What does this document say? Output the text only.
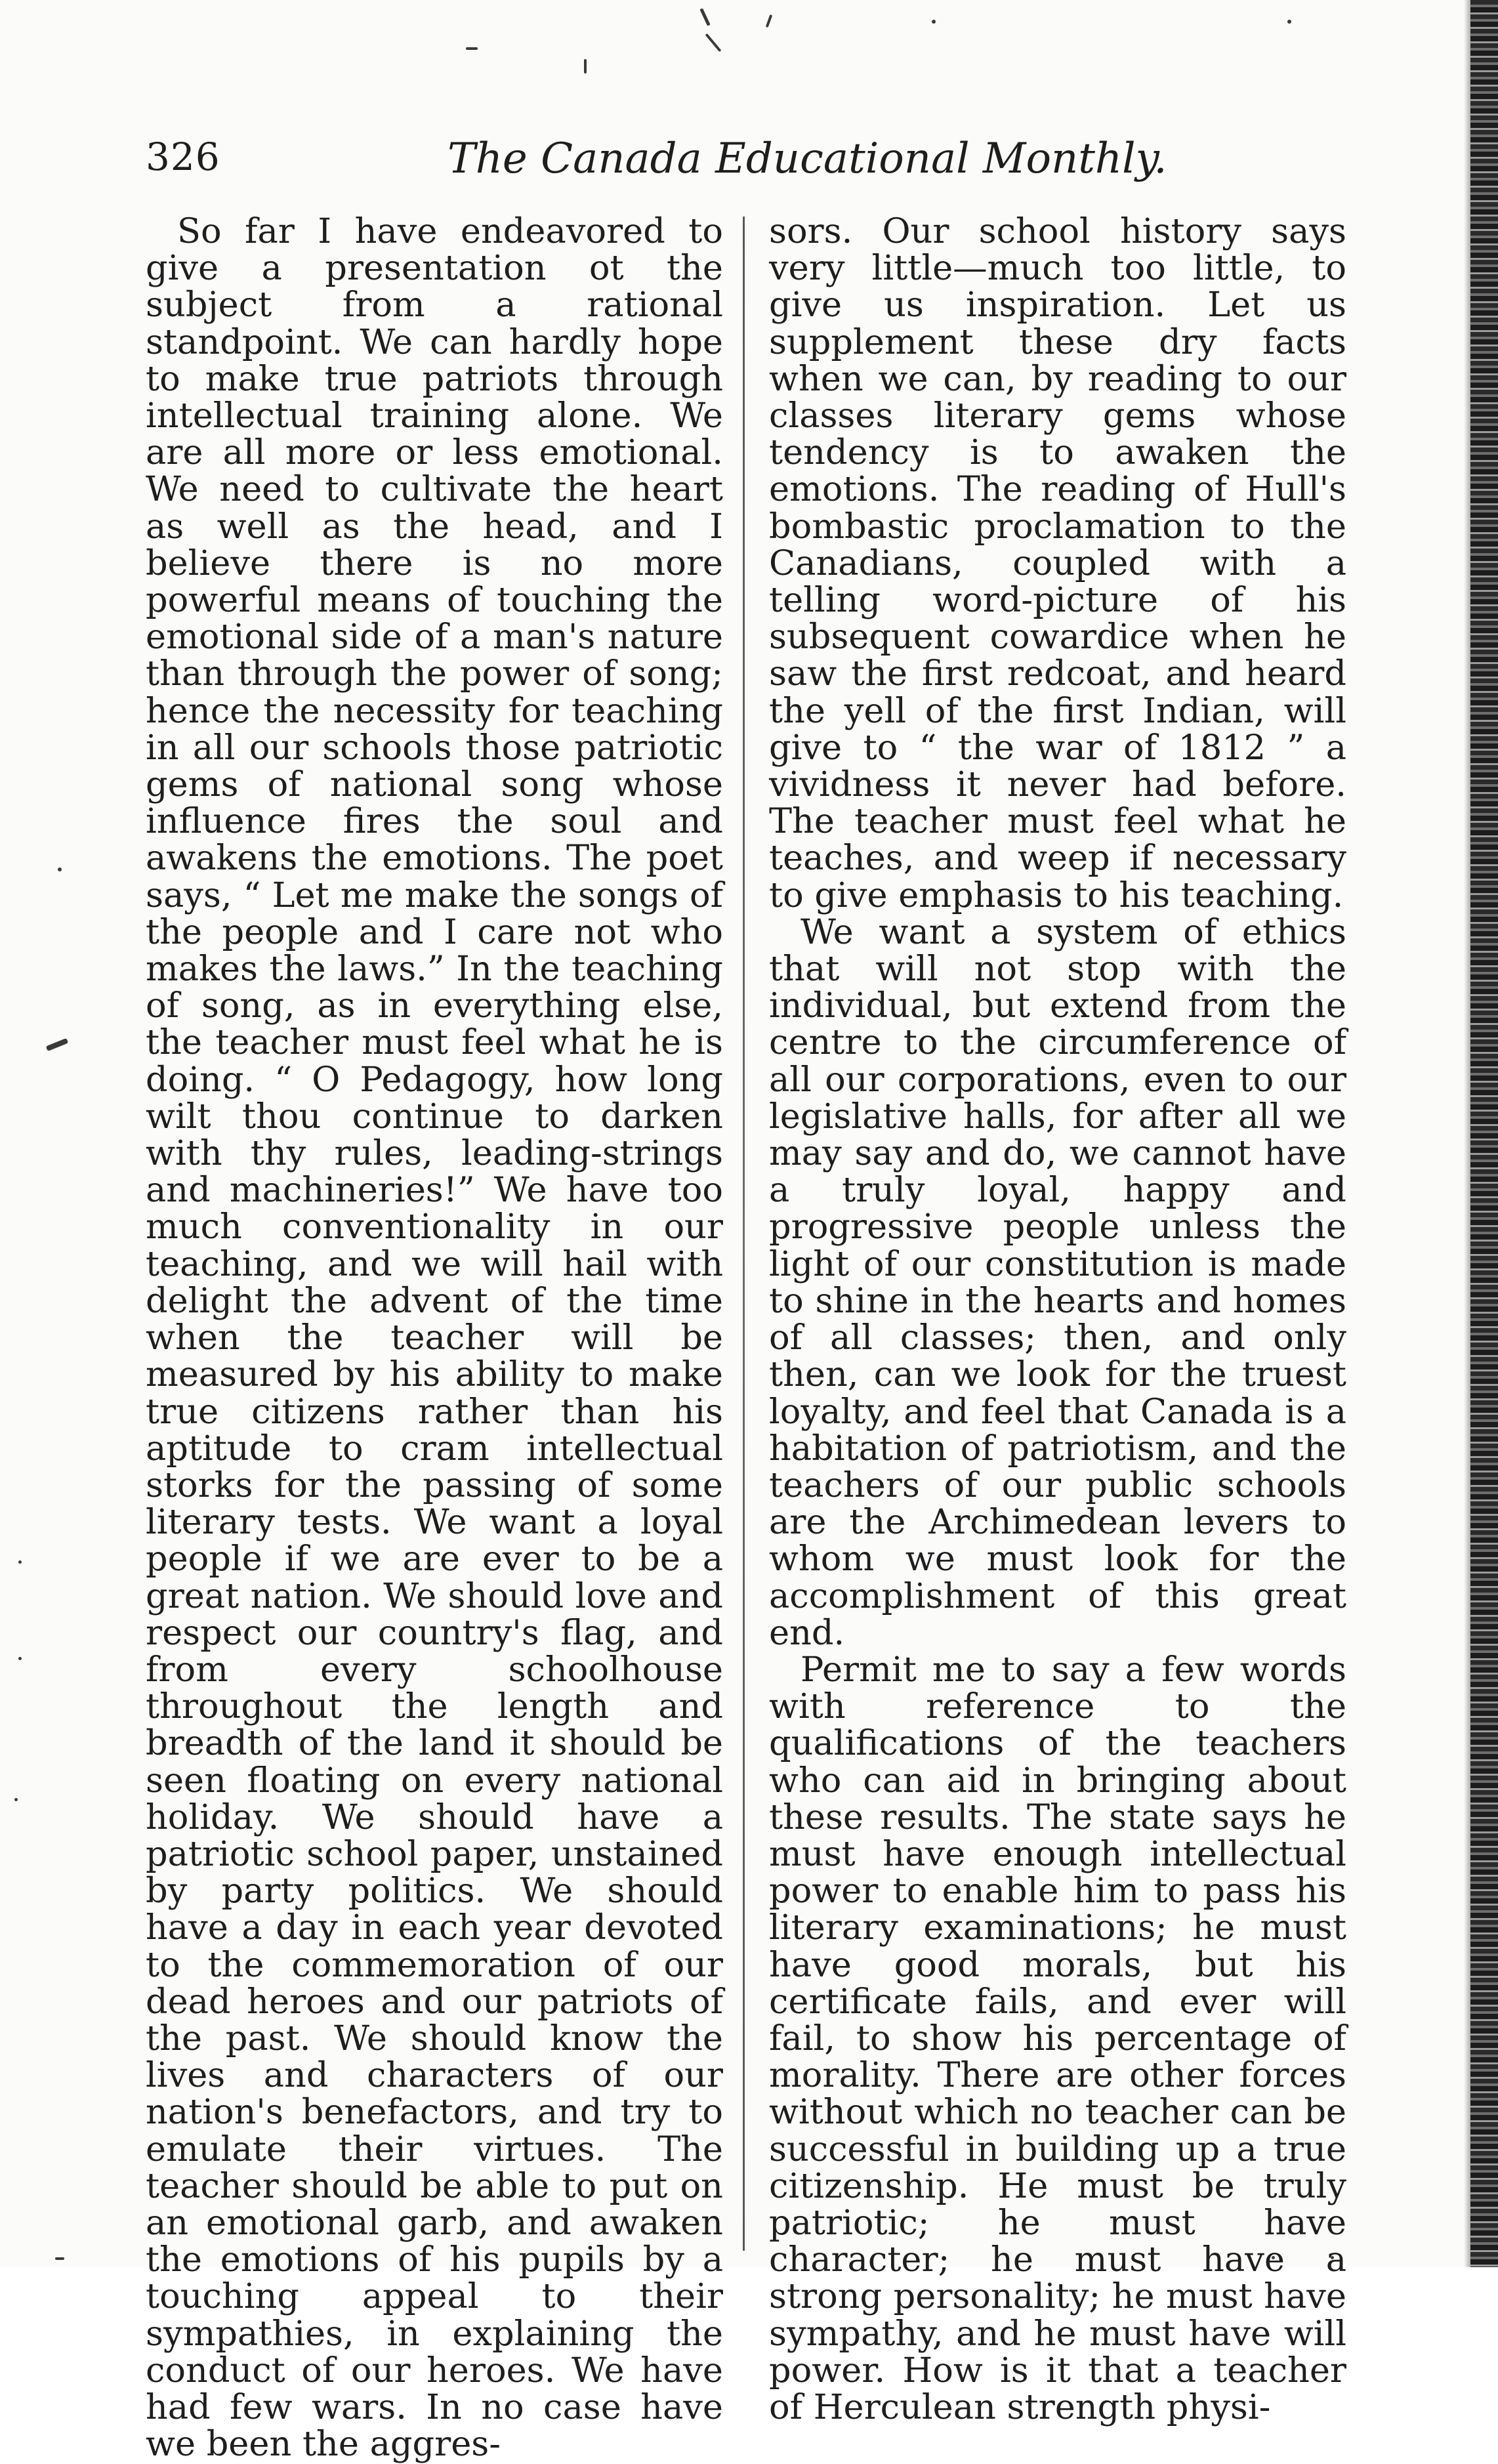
326	The Canada Educational Monthly.

So far I have endeavored to give a presentation ot the subject from a rational standpoint. We can hardly hope to make true patriots through intellectual training alone. We are all more or less emotional. We need to cultivate the heart as well as the head, and I believe there is no more powerful means of touching the emotional side of a man's nature than through the power of song; hence the necessity for teaching in all our schools those patriotic gems of national song whose influence fires the soul and awakens the emotions. The poet says, “ Let me make the songs of the people and I care not who makes the laws.” In the teaching of song, as in everything else, the teacher must feel what he is doing. “ O Pedagogy, how long wilt thou continue to darken with thy rules, leading-strings and machineries!” We have too much conventionality in our teaching, and we will hail with delight the advent of the time when the teacher will be measured by his ability to make true citizens rather than his aptitude to cram intellectual storks for the passing of some literary tests. We want a loyal people if we are ever to be a great nation. We should love and respect our country's flag, and from every schoolhouse throughout the length and breadth of the land it should be seen floating on every national holiday. We should have a patriotic school paper, unstained by party politics. We should have a day in each year devoted to the commemoration of our dead heroes and our patriots of the past. We should know the lives and characters of our nation's benefactors, and try to emulate their virtues. The teacher should be able to put on an emotional garb, and awaken the emotions of his pupils by a touching appeal to their sympathies, in explaining the conduct of our heroes. We have had few wars. In no case have we been the aggres-

sors. Our school history says very little—much too little, to give us inspiration. Let us supplement these dry facts when we can, by reading to our classes literary gems whose tendency is to awaken the emotions. The reading of Hull's bombastic proclamation to the Canadians, coupled with a telling word-picture of his subsequent cowardice when he saw the first redcoat, and heard the yell of the first Indian, will give to “ the war of 1812 ” a vividness it never had before. The teacher must feel what he teaches, and weep if necessary to give emphasis to his teaching.

We want a system of ethics that will not stop with the individual, but extend from the centre to the circumference of all our corporations, even to our legislative halls, for after all we may say and do, we cannot have a truly loyal, happy and progressive people unless the light of our constitution is made to shine in the hearts and homes of all classes; then, and only then, can we look for the truest loyalty, and feel that Canada is a habitation of patriotism, and the teachers of our public schools are the Archimedean levers to whom we must look for the accomplishment of this great end.

Permit me to say a few words with reference to the qualifications of the teachers who can aid in bringing about these results. The state says he must have enough intellectual power to enable him to pass his literary examinations; he must have good morals, but his certificate fails, and ever will fail, to show his percentage of morality. There are other forces without which no teacher can be successful in building up a true citizenship. He must be truly patriotic; he must have character; he must have a strong personality; he must have sympathy, and he must have will power. How is it that a teacher of Herculean strength physi-
